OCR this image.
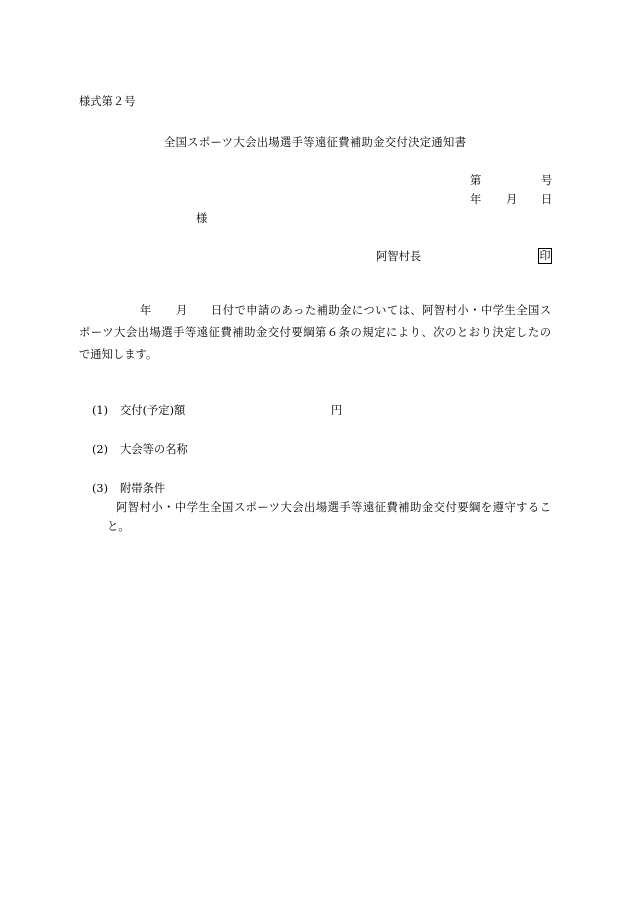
様式第２号
全国スポーツ大会出場選手等遠征費補助金交付決定通知書
第	号
年 月 日
様
阿智村長	印
年 月 日付で申請のあった補助金については、阿智村小・中学生全国ス
ポーツ大会出場選手等遠征費補助金交付要綱第６条の規定により、次のとおり決定したの
で通知します。
(1) 交付(予定)額	円
(2) 大会等の名称
(3) 附帯条件
阿智村小・中学生全国スポーツ大会出場選手等遠征費補助金交付要綱を遵守するこ
と。
